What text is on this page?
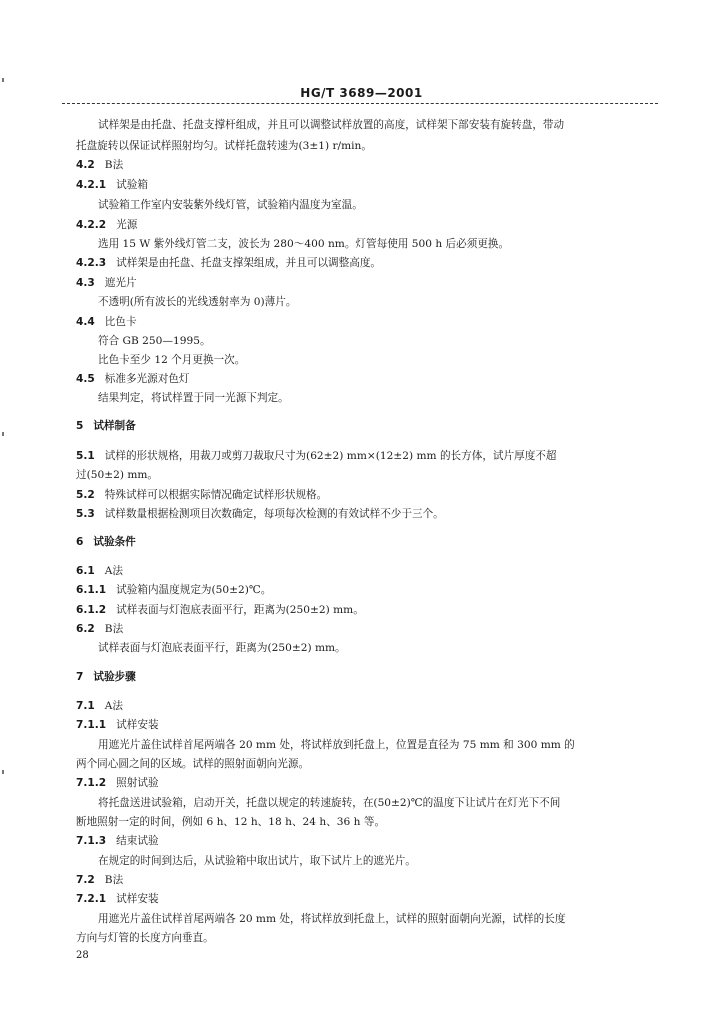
HG/T 3689—2001
试样架是由托盘、托盘支撑杆组成，并且可以调整试样放置的高度，试样架下部安装有旋转盘，带动
托盘旋转以保证试样照射均匀。试样托盘转速为(3±1) r/min。
4.2 B法
4.2.1 试验箱
试验箱工作室内安装紫外线灯管，试验箱内温度为室温。
4.2.2 光源
选用 15 W 紫外线灯管二支，波长为 280～400 nm。灯管每使用 500 h 后必须更换。
4.2.3 试样架是由托盘、托盘支撑架组成，并且可以调整高度。
4.3 遮光片
不透明(所有波长的光线透射率为 0)薄片。
4.4 比色卡
符合 GB 250—1995。
比色卡至少 12 个月更换一次。
4.5 标准多光源对色灯
结果判定，将试样置于同一光源下判定。
5 试样制备
5.1 试样的形状规格，用裁刀或剪刀裁取尺寸为(62±2) mm×(12±2) mm 的长方体，试片厚度不超
过(50±2) mm。
5.2 特殊试样可以根据实际情况确定试样形状规格。
5.3 试样数量根据检测项目次数确定，每项每次检测的有效试样不少于三个。
6 试验条件
6.1 A法
6.1.1 试验箱内温度规定为(50±2)℃。
6.1.2 试样表面与灯泡底表面平行，距离为(250±2) mm。
6.2 B法
试样表面与灯泡底表面平行，距离为(250±2) mm。
7 试验步骤
7.1 A法
7.1.1 试样安装
用遮光片盖住试样首尾两端各 20 mm 处，将试样放到托盘上，位置是直径为 75 mm 和 300 mm 的
两个同心圆之间的区域。试样的照射面朝向光源。
7.1.2 照射试验
将托盘送进试验箱，启动开关，托盘以规定的转速旋转，在(50±2)℃的温度下让试片在灯光下不间
断地照射一定的时间，例如 6 h、12 h、18 h、24 h、36 h 等。
7.1.3 结束试验
在规定的时间到达后，从试验箱中取出试片，取下试片上的遮光片。
7.2 B法
7.2.1 试样安装
用遮光片盖住试样首尾两端各 20 mm 处，将试样放到托盘上，试样的照射面朝向光源，试样的长度
方向与灯管的长度方向垂直。
28
